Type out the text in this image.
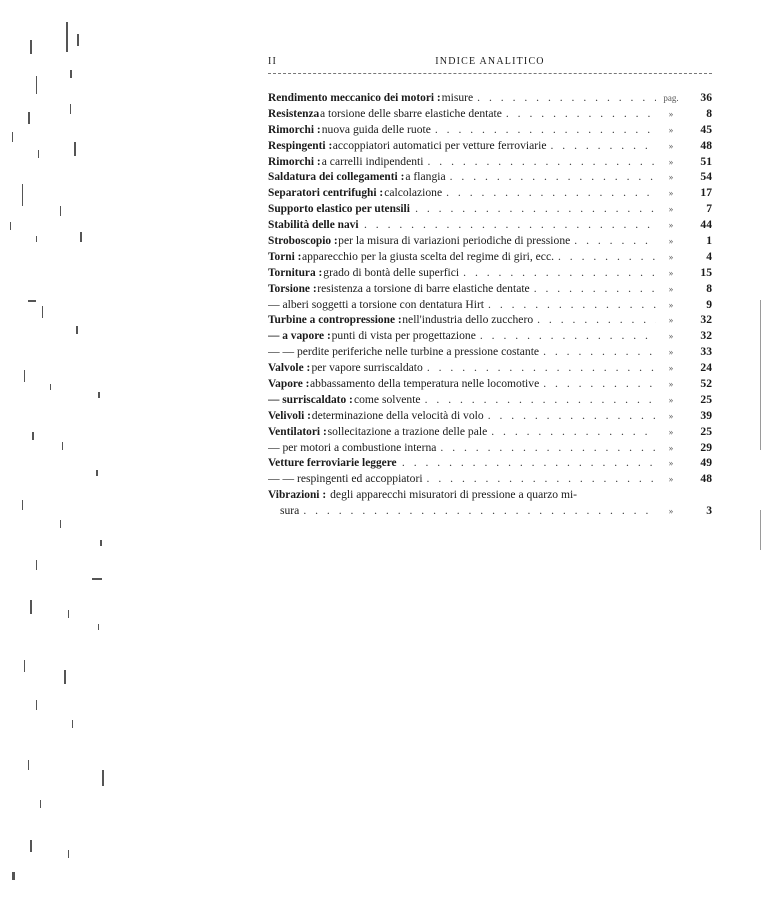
II	INDICE ANALITICO
Rendimento meccanico dei motori : misure . . .	pag.	36
Resistenza a torsione delle sbarre elastiche dentate . . .	»	8
Rimorchi : nuova guida delle ruote . . .	»	45
Respingenti : accoppiatori automatici per vetture ferroviarie . . .	»	48
Rimorchi : a carrelli indipendenti . . .	»	51
Saldatura dei collegamenti : a flangia . . .	»	54
Separatori centrifughi : calcolazione . . .	»	17
Supporto elastico per utensili . . .	»	7
Stabilità delle navi . . .	»	44
Stroboscopio : per la misura di variazioni periodiche di pressione . . .	»	1
Torni : apparecchio per la giusta scelta del regime di giri, ecc. . . .	»	4
Tornitura : grado di bontà delle superfici . . .	»	15
Torsione : resistenza a torsione di barre elastiche dentate . . .	»	8
— alberi soggetti a torsione con dentatura Hirt . . .	»	9
Turbine a contropressione : nell'industria dello zucchero . . .	»	32
— a vapore : punti di vista per progettazione . . .	»	32
— — perdite periferiche nelle turbine a pressione costante . . .	»	33
Valvole : per vapore surriscaldato . . .	»	24
Vapore : abbassamento della temperatura nelle locomotive . . .	»	52
— surriscaldato : come solvente . . .	»	25
Velivoli : determinazione della velocità di volo . . .	»	39
Ventilatori : sollecitazione a trazione delle pale . . .	»	25
— per motori a combustione interna . . .	»	29
Vetture ferroviarie leggere . . .	»	49
— — respingenti ed accoppiatori . . .	»	48
Vibrazioni : degli apparecchi misuratori di pressione a quarzo mi-
sura . . .	»	3
